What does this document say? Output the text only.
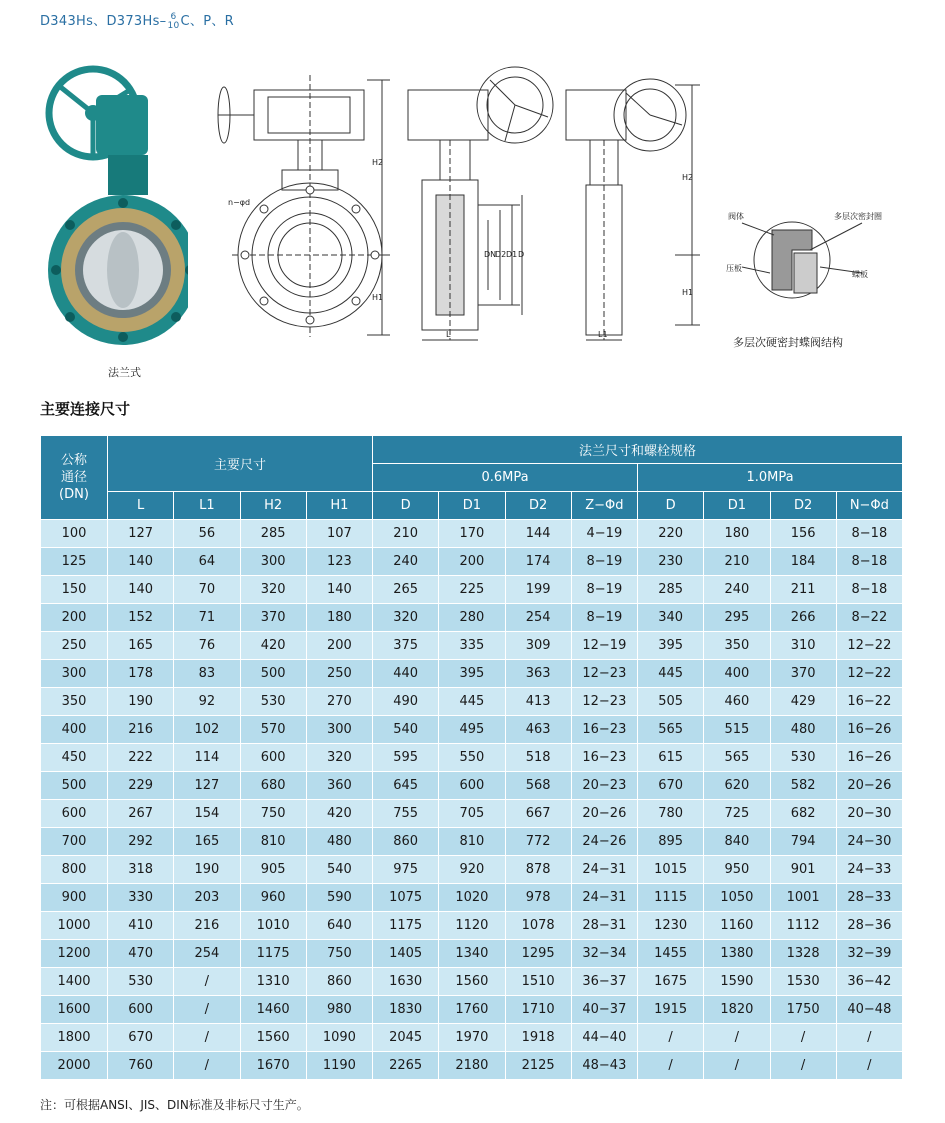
D343Hs、D373Hs– 6
10 C、P、R
法兰式
n−φd
H2
H1
DN
D2 D1 D
L
H2
H1
L1
阀体	多层次密封圈
压板
蝶板
多层次硬密封蝶阀结构
主要连接尺寸
公称
通径
(DN)	主要尺寸				法兰尺寸和螺栓规格							
					0.6MPa				1.0MPa			
	L	L1	H2	H1	D	D1	D2	Z−Φd	D	D1	D2	N−Φd
100	127	56	285	107	210	170	144	4−19	220	180	156	8−18
125	140	64	300	123	240	200	174	8−19	230	210	184	8−18
150	140	70	320	140	265	225	199	8−19	285	240	211	8−18
200	152	71	370	180	320	280	254	8−19	340	295	266	8−22
250	165	76	420	200	375	335	309	12−19	395	350	310	12−22
300	178	83	500	250	440	395	363	12−23	445	400	370	12−22
350	190	92	530	270	490	445	413	12−23	505	460	429	16−22
400	216	102	570	300	540	495	463	16−23	565	515	480	16−26
450	222	114	600	320	595	550	518	16−23	615	565	530	16−26
500	229	127	680	360	645	600	568	20−23	670	620	582	20−26
600	267	154	750	420	755	705	667	20−26	780	725	682	20−30
700	292	165	810	480	860	810	772	24−26	895	840	794	24−30
800	318	190	905	540	975	920	878	24−31	1015	950	901	24−33
900	330	203	960	590	1075	1020	978	24−31	1115	1050	1001	28−33
1000	410	216	1010	640	1175	1120	1078	28−31	1230	1160	1112	28−36
1200	470	254	1175	750	1405	1340	1295	32−34	1455	1380	1328	32−39
1400	530	/	1310	860	1630	1560	1510	36−37	1675	1590	1530	36−42
1600	600	/	1460	980	1830	1760	1710	40−37	1915	1820	1750	40−48
1800	670	/	1560	1090	2045	1970	1918	44−40	/	/	/	/
2000	760	/	1670	1190	2265	2180	2125	48−43	/	/	/	/
注：可根据ANSI、JIS、DIN标准及非标尺寸生产。
